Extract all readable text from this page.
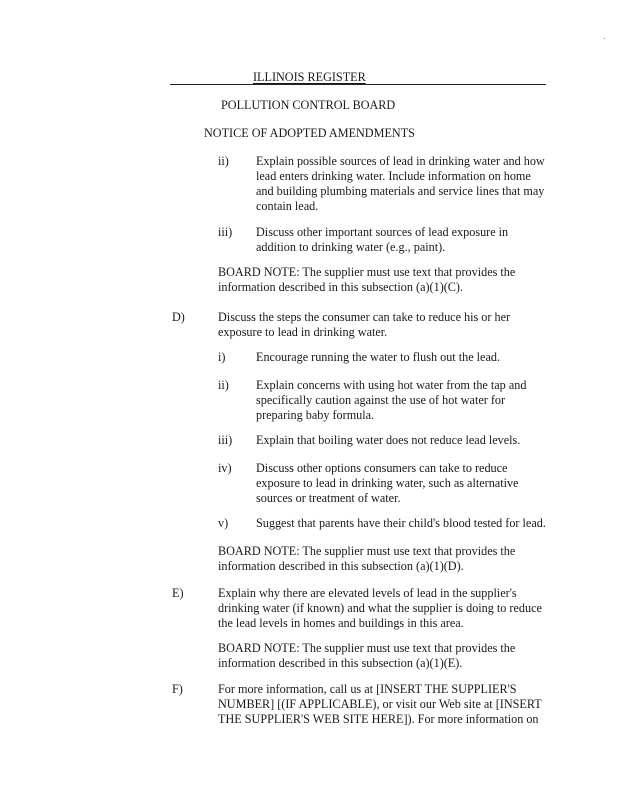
ILLINOIS REGISTER
POLLUTION CONTROL BOARD
NOTICE OF ADOPTED AMENDMENTS
ii) Explain possible sources of lead in drinking water and how
lead enters drinking water. Include information on home
and building plumbing materials and service lines that may
contain lead.
iii) Discuss other important sources of lead exposure in
addition to drinking water (e.g., paint).
BOARD NOTE: The supplier must use text that provides the
information described in this subsection (a)(1)(C).
D)	Discuss the steps the consumer can take to reduce his or her
exposure to lead in drinking water.
i)	Encourage running the water to flush out the lead.
ii) Explain concerns with using hot water from the tap and
specifically caution against the use of hot water for
preparing baby formula.
iii) Explain that boiling water does not reduce lead levels.
iv) Discuss other options consumers can take to reduce
exposure to lead in drinking water, such as alternative
sources or treatment of water.
v) Suggest that parents have their child's blood tested for lead.
BOARD NOTE: The supplier must use text that provides the
information described in this subsection (a)(1)(D).
E)	Explain why there are elevated levels of lead in the supplier's
drinking water (if known) and what the supplier is doing to reduce
the lead levels in homes and buildings in this area.
BOARD NOTE: The supplier must use text that provides the
information described in this subsection (a)(1)(E).
F)	For more information, call us at [INSERT THE SUPPLIER'S
NUMBER] [(IF APPLICABLE), or visit our Web site at [INSERT
THE SUPPLIER'S WEB SITE HERE]). For more information on
